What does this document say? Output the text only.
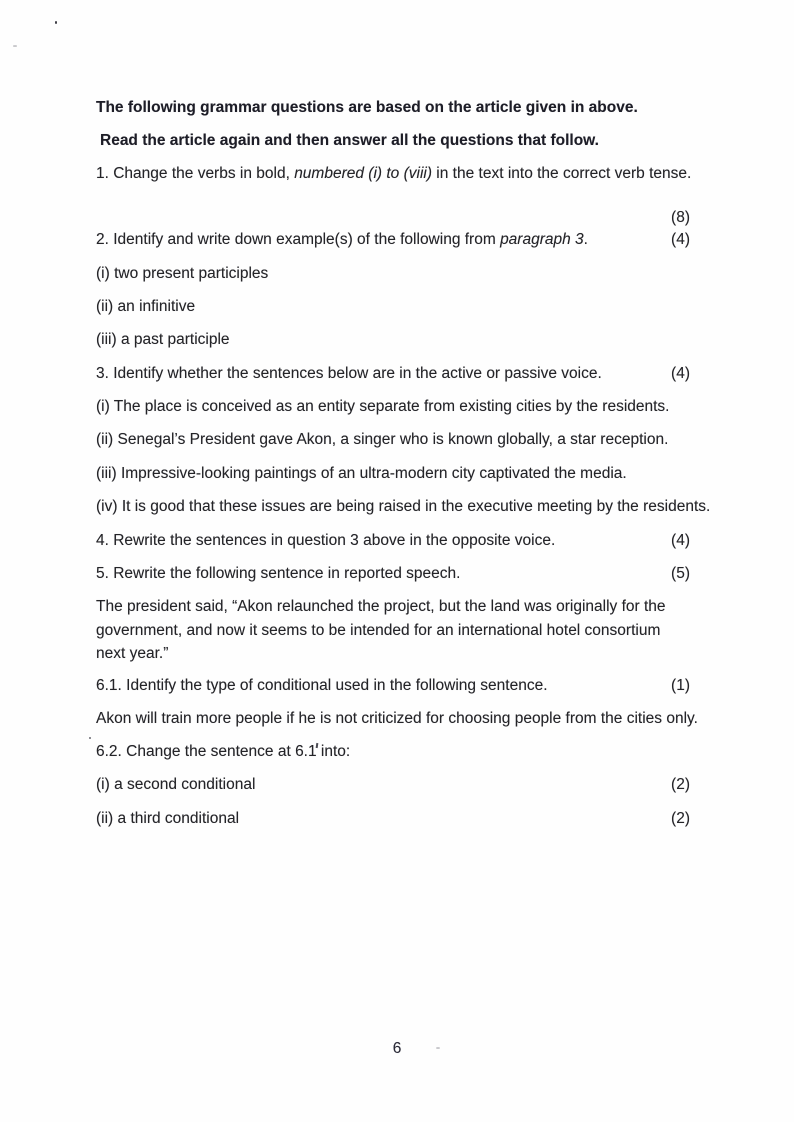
The following grammar questions are based on the article given in above.
Read the article again and then answer all the questions that follow.
1. Change the verbs in bold, numbered (i) to (viii) in the text into the correct verb tense.
(8)
2. Identify and write down example(s) of the following from paragraph 3.	(4)
(i) two present participles
(ii) an infinitive
(iii) a past participle
3. Identify whether the sentences below are in the active or passive voice.	(4)
(i) The place is conceived as an entity separate from existing cities by the residents.
(ii) Senegal’s President gave Akon, a singer who is known globally, a star reception.
(iii) Impressive-looking paintings of an ultra-modern city captivated the media.
(iv) It is good that these issues are being raised in the executive meeting by the residents.
4. Rewrite the sentences in question 3 above in the opposite voice.	(4)
5. Rewrite the following sentence in reported speech.	(5)
The president said, “Akon relaunched the project, but the land was originally for the government, and now it seems to be intended for an international hotel consortium next year.”
6.1. Identify the type of conditional used in the following sentence.	(1)
Akon will train more people if he is not criticized for choosing people from the cities only.
6.2. Change the sentence at 6.1 into:
(i) a second conditional	(2)
(ii) a third conditional	(2)
6
